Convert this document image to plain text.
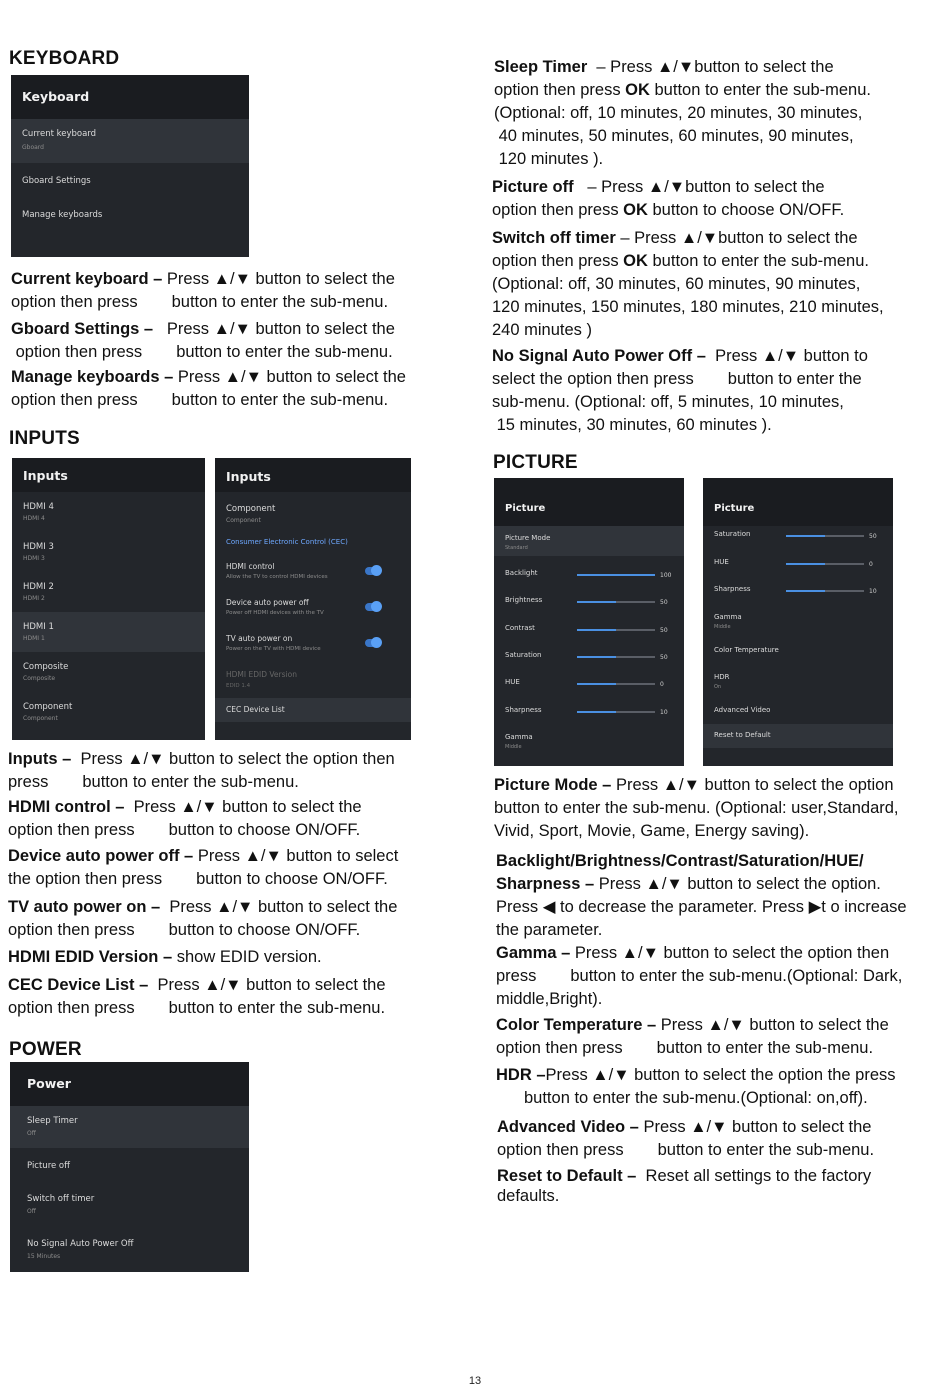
KEYBOARD
Keyboard
Current keyboard
Gboard
Gboard Settings
Manage keyboards
Current keyboard – Press ▲/▼ button to select the
option then press button to enter the sub-menu.
Gboard Settings – Press ▲/▼ button to select the
option then press button to enter the sub-menu.
Manage keyboards – Press ▲/▼ button to select the
option then press button to enter the sub-menu.
INPUTS
Inputs
HDMI 4
HDMI 4
HDMI 3
HDMI 3
HDMI 2
HDMI 2
HDMI 1
HDMI 1
Composite
Composite
Component
Component
Inputs
Component
Component
Consumer Electronic Control (CEC)
HDMI control
Allow the TV to control HDMI devices
Device auto power off
Power off HDMI devices with the TV
TV auto power on
Power on the TV with HDMI device
HDMI EDID Version
EDID 1.4
CEC Device List
Inputs – Press ▲/▼ button to select the option then
press button to enter the sub-menu.
HDMI control – Press ▲/▼ button to select the
option then press button to choose ON/OFF.
Device auto power off – Press ▲/▼ button to select
the option then press button to choose ON/OFF.
TV auto power on – Press ▲/▼ button to select the
option then press button to choose ON/OFF.
HDMI EDID Version – show EDID version.
CEC Device List – Press ▲/▼ button to select the
option then press button to enter the sub-menu.
POWER
Power
Sleep Timer
Off
Picture off
Switch off timer
Off
No Signal Auto Power Off
15 Minutes
Sleep Timer – Press ▲/▼button to select the
option then press OK button to enter the sub-menu.
(Optional: off, 10 minutes, 20 minutes, 30 minutes,
40 minutes, 50 minutes, 60 minutes, 90 minutes,
120 minutes ).
Picture off – Press ▲/▼button to select the
option then press OK button to choose ON/OFF.
Switch off timer – Press ▲/▼button to select the
option then press OK button to enter the sub-menu.
(Optional: off, 30 minutes, 60 minutes, 90 minutes,
120 minutes, 150 minutes, 180 minutes, 210 minutes,
240 minutes )
No Signal Auto Power Off – Press ▲/▼ button to
select the option then press button to enter the
sub-menu. (Optional: off, 5 minutes, 10 minutes,
15 minutes, 30 minutes, 60 minutes ).
PICTURE
Picture
Picture Mode
Standard
Backlight	100
Brightness	50
Contrast	50
Saturation	50
HUE	0
Sharpness	10
Gamma
Middle
Picture
Saturation	50
HUE	0
Sharpness	10
Gamma
Middle
Color Temperature
HDR
On
Advanced Video
Reset to Default
Picture Mode – Press ▲/▼ button to select the option
button to enter the sub-menu. (Optional: user,Standard,
Vivid, Sport, Movie, Game, Energy saving).
Backlight/Brightness/Contrast/Saturation/HUE/
Sharpness – Press ▲/▼ button to select the option.
Press ◀ to decrease the parameter. Press ▶t o increase
the parameter.
Gamma – Press ▲/▼ button to select the option then
press button to enter the sub-menu.(Optional: Dark,
middle,Bright).
Color Temperature – Press ▲/▼ button to select the
option then press button to enter the sub-menu.
HDR –Press ▲/▼ button to select the option the press
button to enter the sub-menu.(Optional: on,off).
Advanced Video – Press ▲/▼ button to select the
option then press button to enter the sub-menu.
Reset to Default – Reset all settings to the factory
defaults.
13
